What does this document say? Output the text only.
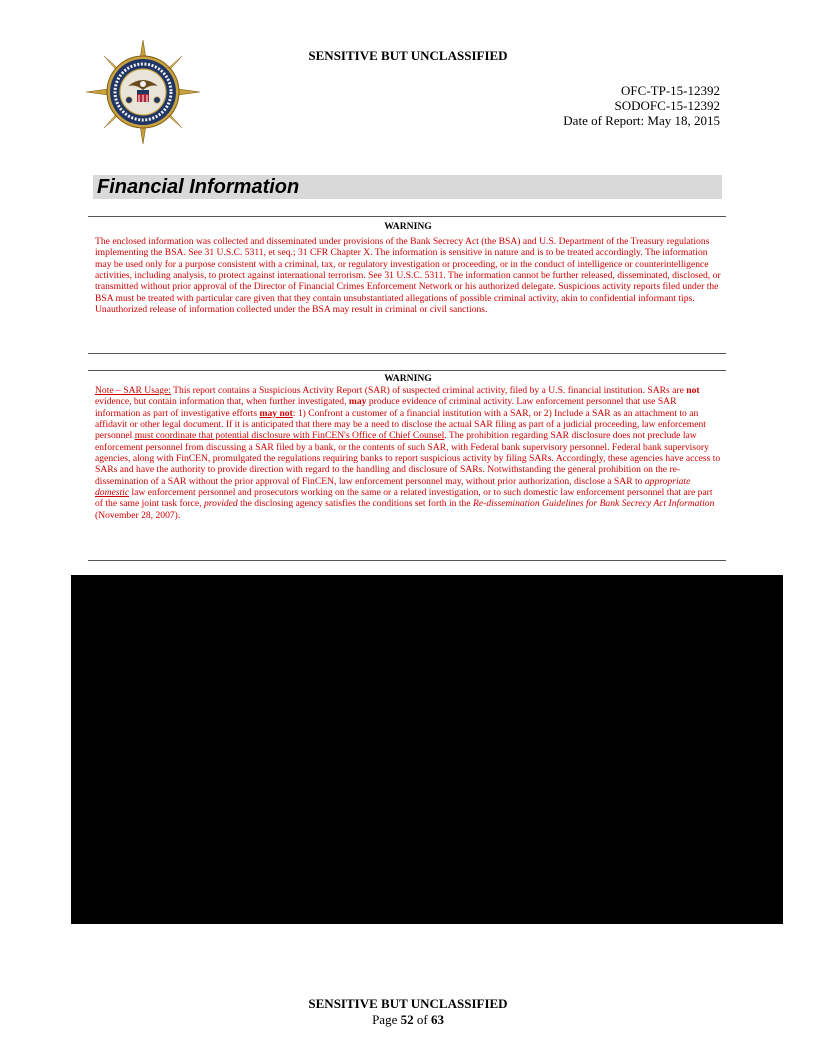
SENSITIVE BUT UNCLASSIFIED
OFC-TP-15-12392
SODOFC-15-12392
Date of Report: May 18, 2015
Financial Information
WARNING
The enclosed information was collected and disseminated under provisions of the Bank Secrecy Act (the BSA) and U.S. Department of the Treasury regulations implementing the BSA. See 31 U.S.C. 5311, et seq.; 31 CFR Chapter X. The information is sensitive in nature and is to be treated accordingly. The information may be used only for a purpose consistent with a criminal, tax, or regulatory investigation or proceeding, or in the conduct of intelligence or counterintelligence activities, including analysis, to protect against international terrorism. See 31 U.S.C. 5311. The information cannot be further released, disseminated, disclosed, or transmitted without prior approval of the Director of Financial Crimes Enforcement Network or his authorized delegate. Suspicious activity reports filed under the BSA must be treated with particular care given that they contain unsubstantiated allegations of possible criminal activity, akin to confidential informant tips. Unauthorized release of information collected under the BSA may result in criminal or civil sanctions.
WARNING
Note – SAR Usage: This report contains a Suspicious Activity Report (SAR) of suspected criminal activity, filed by a U.S. financial institution. SARs are not evidence, but contain information that, when further investigated, may produce evidence of criminal activity. Law enforcement personnel that use SAR information as part of investigative efforts may not: 1) Confront a customer of a financial institution with a SAR, or 2) Include a SAR as an attachment to an affidavit or other legal document. If it is anticipated that there may be a need to disclose the actual SAR filing as part of a judicial proceeding, law enforcement personnel must coordinate that potential disclosure with FinCEN's Office of Chief Counsel. The prohibition regarding SAR disclosure does not preclude law enforcement personnel from discussing a SAR filed by a bank, or the contents of such SAR, with Federal bank supervisory personnel. Federal bank supervisory agencies, along with FinCEN, promulgated the regulations requiring banks to report suspicious activity by filing SARs. Accordingly, these agencies have access to SARs and have the authority to provide direction with regard to the handling and disclosure of SARs. Notwithstanding the general prohibition on the re-dissemination of a SAR without the prior approval of FinCEN, law enforcement personnel may, without prior authorization, disclose a SAR to appropriate domestic law enforcement personnel and prosecutors working on the same or a related investigation, or to such domestic law enforcement personnel that are part of the same joint task force, provided the disclosing agency satisfies the conditions set forth in the Re-dissemination Guidelines for Bank Secrecy Act Information (November 28, 2007).
SENSITIVE BUT UNCLASSIFIED
Page 52 of 63
